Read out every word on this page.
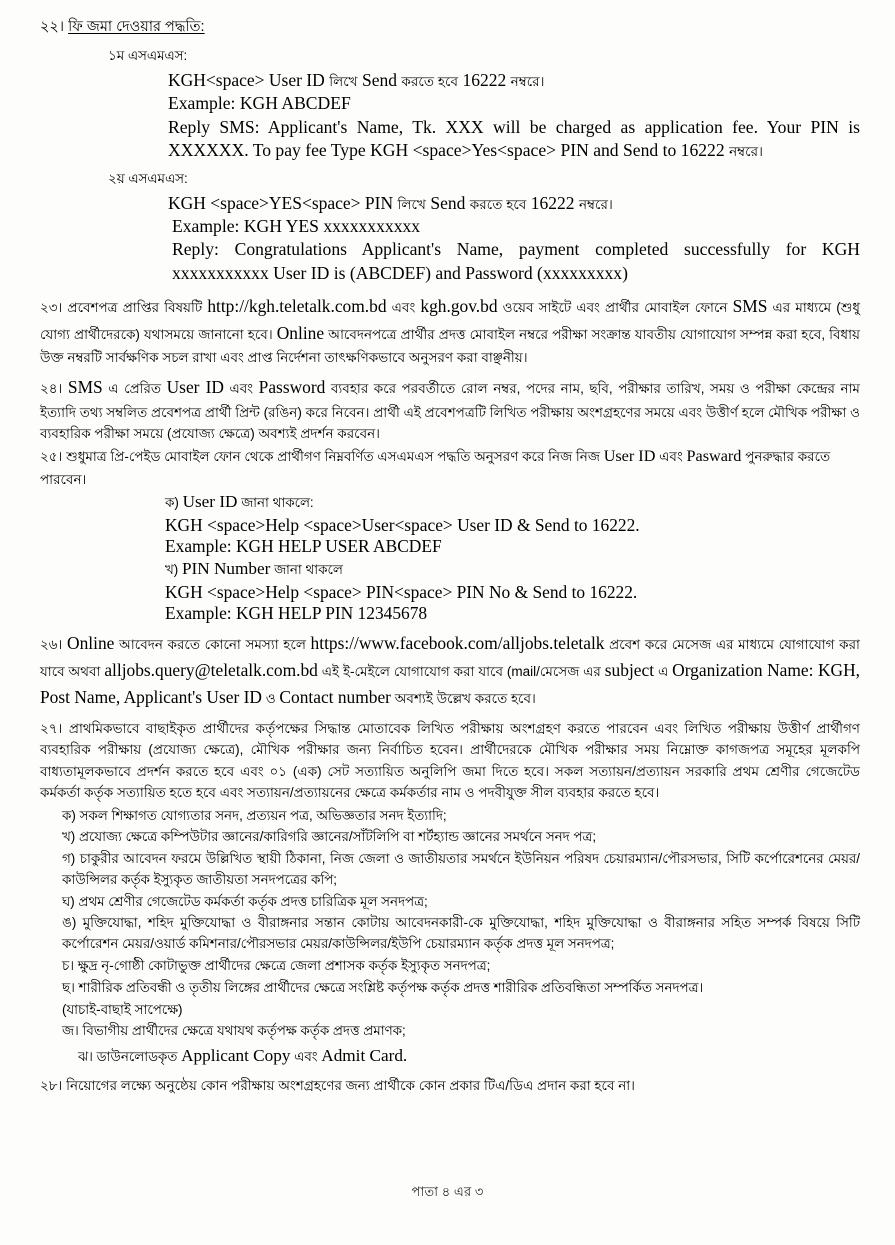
২২। ফি জমা দেওয়ার পদ্ধতি:
১ম এসএমএস:

KGH<space> User ID লিখে Send করতে হবে 16222 নম্বরে।

Example: KGH ABCDEF

Reply SMS: Applicant's Name, Tk. XXX will be charged as application fee. Your PIN is XXXXXX. To pay fee Type KGH <space>Yes<space> PIN and Send to 16222 নম্বরে।

২য় এসএমএস:

KGH <space>YES<space> PIN লিখে Send করতে হবে 16222 নম্বরে।

Example: KGH YES xxxxxxxxxxx

Reply: Congratulations Applicant's Name, payment completed successfully for KGH xxxxxxxxxxx User ID is (ABCDEF) and Password (xxxxxxxxx)

২৩। প্রবেশপত্র প্রাপ্তির বিষয়টি http://kgh.teletalk.com.bd এবং kgh.gov.bd ওয়েব সাইটে এবং প্রার্থীর মোবাইল ফোনে SMS এর মাধ্যমে (শুধু যোগ্য প্রার্থীদেরকে) যথাসময়ে জানানো হবে। Online আবেদনপত্রে প্রার্থীর প্রদত্ত মোবাইল নম্বরে পরীক্ষা সংক্রান্ত যাবতীয় যোগাযোগ সম্পন্ন করা হবে, বিধায় উক্ত নম্বরটি সার্বক্ষণিক সচল রাখা এবং প্রাপ্ত নির্দেশনা তাৎক্ষণিকভাবে অনুসরণ করা বাঞ্ছনীয়।

২৪। SMS এ প্রেরিত User ID এবং Password ব্যবহার করে পরবর্তীতে রোল নম্বর, পদের নাম, ছবি, পরীক্ষার তারিখ, সময় ও পরীক্ষা কেন্দ্রের নাম ইত্যাদি তথ্য সম্বলিত প্রবেশপত্র প্রার্থী প্রিন্ট (রঙিন) করে নিবেন। প্রার্থী এই প্রবেশপত্রটি লিখিত পরীক্ষায় অংশগ্রহণের সময়ে এবং উত্তীর্ণ হলে মৌখিক পরীক্ষা ও ব্যবহারিক পরীক্ষা সময়ে (প্রযোজ্য ক্ষেত্রে) অবশ্যই প্রদর্শন করবেন।

২৫। শুধুমাত্র প্রি-পেইড মোবাইল ফোন থেকে প্রার্থীগণ নিম্নবর্ণিত এসএমএস পদ্ধতি অনুসরণ করে নিজ নিজ User ID এবং Pasward পুনরুদ্ধার করতে পারবেন।

ক) User ID জানা থাকলে:

KGH <space>Help <space>User<space> User ID & Send to 16222.

Example: KGH HELP USER ABCDEF

খ) PIN Number জানা থাকলে

KGH <space>Help <space> PIN<space> PIN No & Send to 16222.

Example: KGH HELP PIN 12345678

২৬। Online আবেদন করতে কোনো সমস্যা হলে https://www.facebook.com/alljobs.teletalk প্রবেশ করে মেসেজ এর মাধ্যমে যোগাযোগ করা যাবে অথবা alljobs.query@teletalk.com.bd এই ই-মেইলে যোগাযোগ করা যাবে (mail/মেসেজ এর subject এ Organization Name: KGH, Post Name, Applicant's User ID ও Contact number অবশ্যই উল্লেখ করতে হবে।

২৭। প্রাথমিকভাবে বাছাইকৃত প্রার্থীদের কর্তৃপক্ষের সিদ্ধান্ত মোতাবেক লিখিত পরীক্ষায় অংশগ্রহণ করতে পারবেন এবং লিখিত পরীক্ষায় উত্তীর্ণ প্রার্থীগণ ব্যবহারিক পরীক্ষায় (প্রযোজ্য ক্ষেত্রে), মৌখিক পরীক্ষার জন্য নির্বাচিত হবেন। প্রার্থীদেরকে মৌখিক পরীক্ষার সময় নিম্নোক্ত কাগজপত্র সমূহের মূলকপি বাধ্যতামূলকভাবে প্রদর্শন করতে হবে এবং ০১ (এক) সেট সত্যায়িত অনুলিপি জমা দিতে হবে। সকল সত্যায়ন/প্রত্যায়ন সরকারি প্রথম শ্রেণীর গেজেটেড কর্মকর্তা কর্তৃক সত্যায়িত হতে হবে এবং সত্যায়ন/প্রত্যায়নের ক্ষেত্রে কর্মকর্তার নাম ও পদবীযুক্ত সীল ব্যবহার করতে হবে।

ক) সকল শিক্ষাগত যোগ্যতার সনদ, প্রত্যয়ন পত্র, অভিজ্ঞতার সনদ ইত্যাদি;

খ) প্রযোজ্য ক্ষেত্রে কম্পিউটার জ্ঞানের/কারিগরি জ্ঞানের/সাঁটলিপি বা শর্টহ্যান্ড জ্ঞানের সমর্থনে সনদ পত্র;

গ) চাকুরীর আবেদন ফরমে উল্লিখিত স্থায়ী ঠিকানা, নিজ জেলা ও জাতীয়তার সমর্থনে ইউনিয়ন পরিষদ চেয়ারম্যান/পৌরসভার, সিটি কর্পোরেশনের মেয়র/কাউন্সিলর কর্তৃক ইস্যুকৃত জাতীয়তা সনদপত্রের কপি;

ঘ) প্রথম শ্রেণীর গেজেটেড কর্মকর্তা কর্তৃক প্রদত্ত চারিত্রিক মূল সনদপত্র;

ঙ) মুক্তিযোদ্ধা, শহিদ মুক্তিযোদ্ধা ও বীরাঙ্গনার সন্তান কোটায় আবেদনকারী-কে মুক্তিযোদ্ধা, শহিদ মুক্তিযোদ্ধা ও বীরাঙ্গনার সহিত সম্পর্ক বিষয়ে সিটি কর্পোরেশন মেয়র/ওয়ার্ড কমিশনার/পৌরসভার মেয়র/কাউন্সিলর/ইউপি চেয়ারম্যান কর্তৃক প্রদত্ত মূল সনদপত্র;

চ। ক্ষুদ্র নৃ-গোষ্ঠী কোটাভুক্ত প্রার্থীদের ক্ষেত্রে জেলা প্রশাসক কর্তৃক ইস্যুকৃত সনদপত্র;

ছ। শারীরিক প্রতিবন্ধী ও তৃতীয় লিঙ্গের প্রার্থীদের ক্ষেত্রে সংশ্লিষ্ট কর্তৃপক্ষ কর্তৃক প্রদত্ত শারীরিক প্রতিবন্ধিতা সম্পর্কিত সনদপত্র।

(যাচাই-বাছাই সাপেক্ষে)

জ। বিভাগীয় প্রার্থীদের ক্ষেত্রে যথাযথ কর্তৃপক্ষ কর্তৃক প্রদত্ত প্রমাণক;

ঝ। ডাউনলোডকৃত Applicant Copy এবং Admit Card.

২৮। নিয়োগের লক্ষ্যে অনুষ্ঠেয় কোন পরীক্ষায় অংশগ্রহণের জন্য প্রার্থীকে কোন প্রকার টিএ/ডিএ প্রদান করা হবে না।

পাতা ৪ এর ৩
